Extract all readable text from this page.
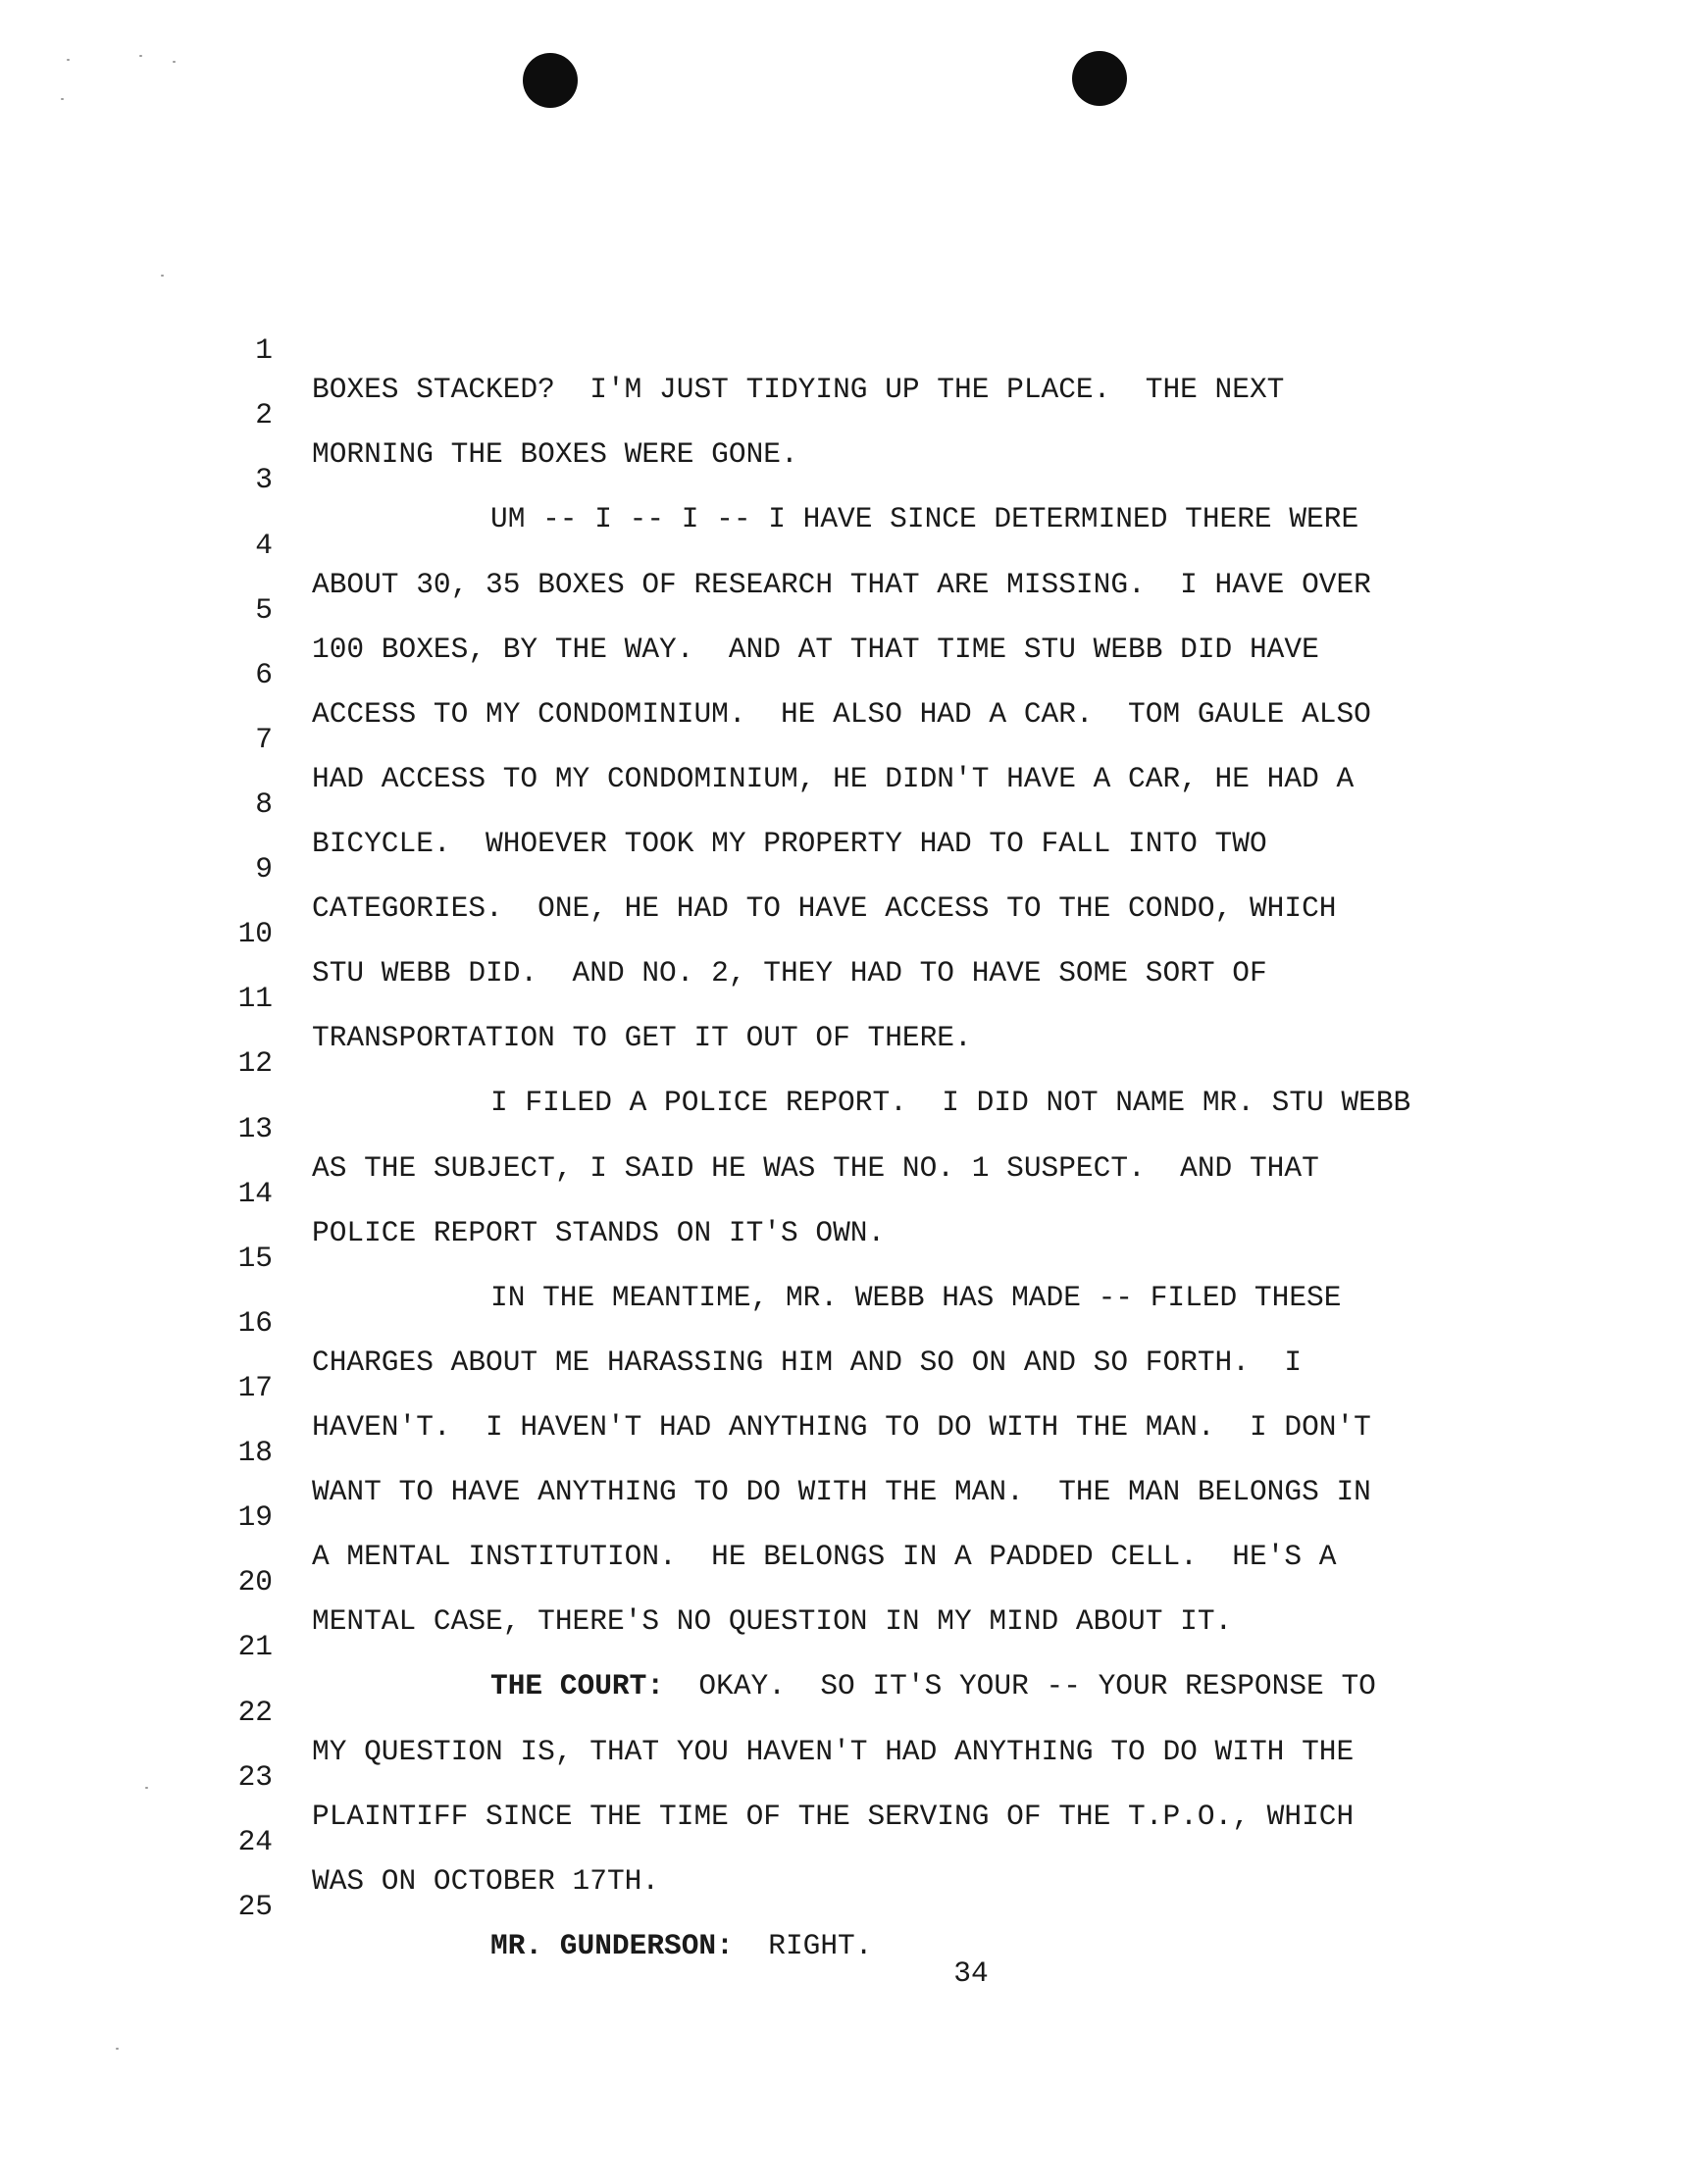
1

BOXES STACKED?  I'M JUST TIDYING UP THE PLACE.  THE NEXT

2

MORNING THE BOXES WERE GONE.

3

UM -- I -- I -- I HAVE SINCE DETERMINED THERE WERE

4

ABOUT 30, 35 BOXES OF RESEARCH THAT ARE MISSING.  I HAVE OVER

5

100 BOXES, BY THE WAY.  AND AT THAT TIME STU WEBB DID HAVE

6

ACCESS TO MY CONDOMINIUM.  HE ALSO HAD A CAR.  TOM GAULE ALSO

7

HAD ACCESS TO MY CONDOMINIUM, HE DIDN'T HAVE A CAR, HE HAD A

8

BICYCLE.  WHOEVER TOOK MY PROPERTY HAD TO FALL INTO TWO

9

CATEGORIES.  ONE, HE HAD TO HAVE ACCESS TO THE CONDO, WHICH

10

STU WEBB DID.  AND NO. 2, THEY HAD TO HAVE SOME SORT OF

11

TRANSPORTATION TO GET IT OUT OF THERE.

12

I FILED A POLICE REPORT.  I DID NOT NAME MR. STU WEBB

13

AS THE SUBJECT, I SAID HE WAS THE NO. 1 SUSPECT.  AND THAT

14

POLICE REPORT STANDS ON IT'S OWN.

15

IN THE MEANTIME, MR. WEBB HAS MADE -- FILED THESE

16

CHARGES ABOUT ME HARASSING HIM AND SO ON AND SO FORTH.  I

17

HAVEN'T.  I HAVEN'T HAD ANYTHING TO DO WITH THE MAN.  I DON'T

18

WANT TO HAVE ANYTHING TO DO WITH THE MAN.  THE MAN BELONGS IN

19

A MENTAL INSTITUTION.  HE BELONGS IN A PADDED CELL.  HE'S A

20

MENTAL CASE, THERE'S NO QUESTION IN MY MIND ABOUT IT.

21

THE COURT:  OKAY.  SO IT'S YOUR -- YOUR RESPONSE TO

22

MY QUESTION IS, THAT YOU HAVEN'T HAD ANYTHING TO DO WITH THE

23

PLAINTIFF SINCE THE TIME OF THE SERVING OF THE T.P.O., WHICH

24

WAS ON OCTOBER 17TH.

25

MR. GUNDERSON:  RIGHT.

34
